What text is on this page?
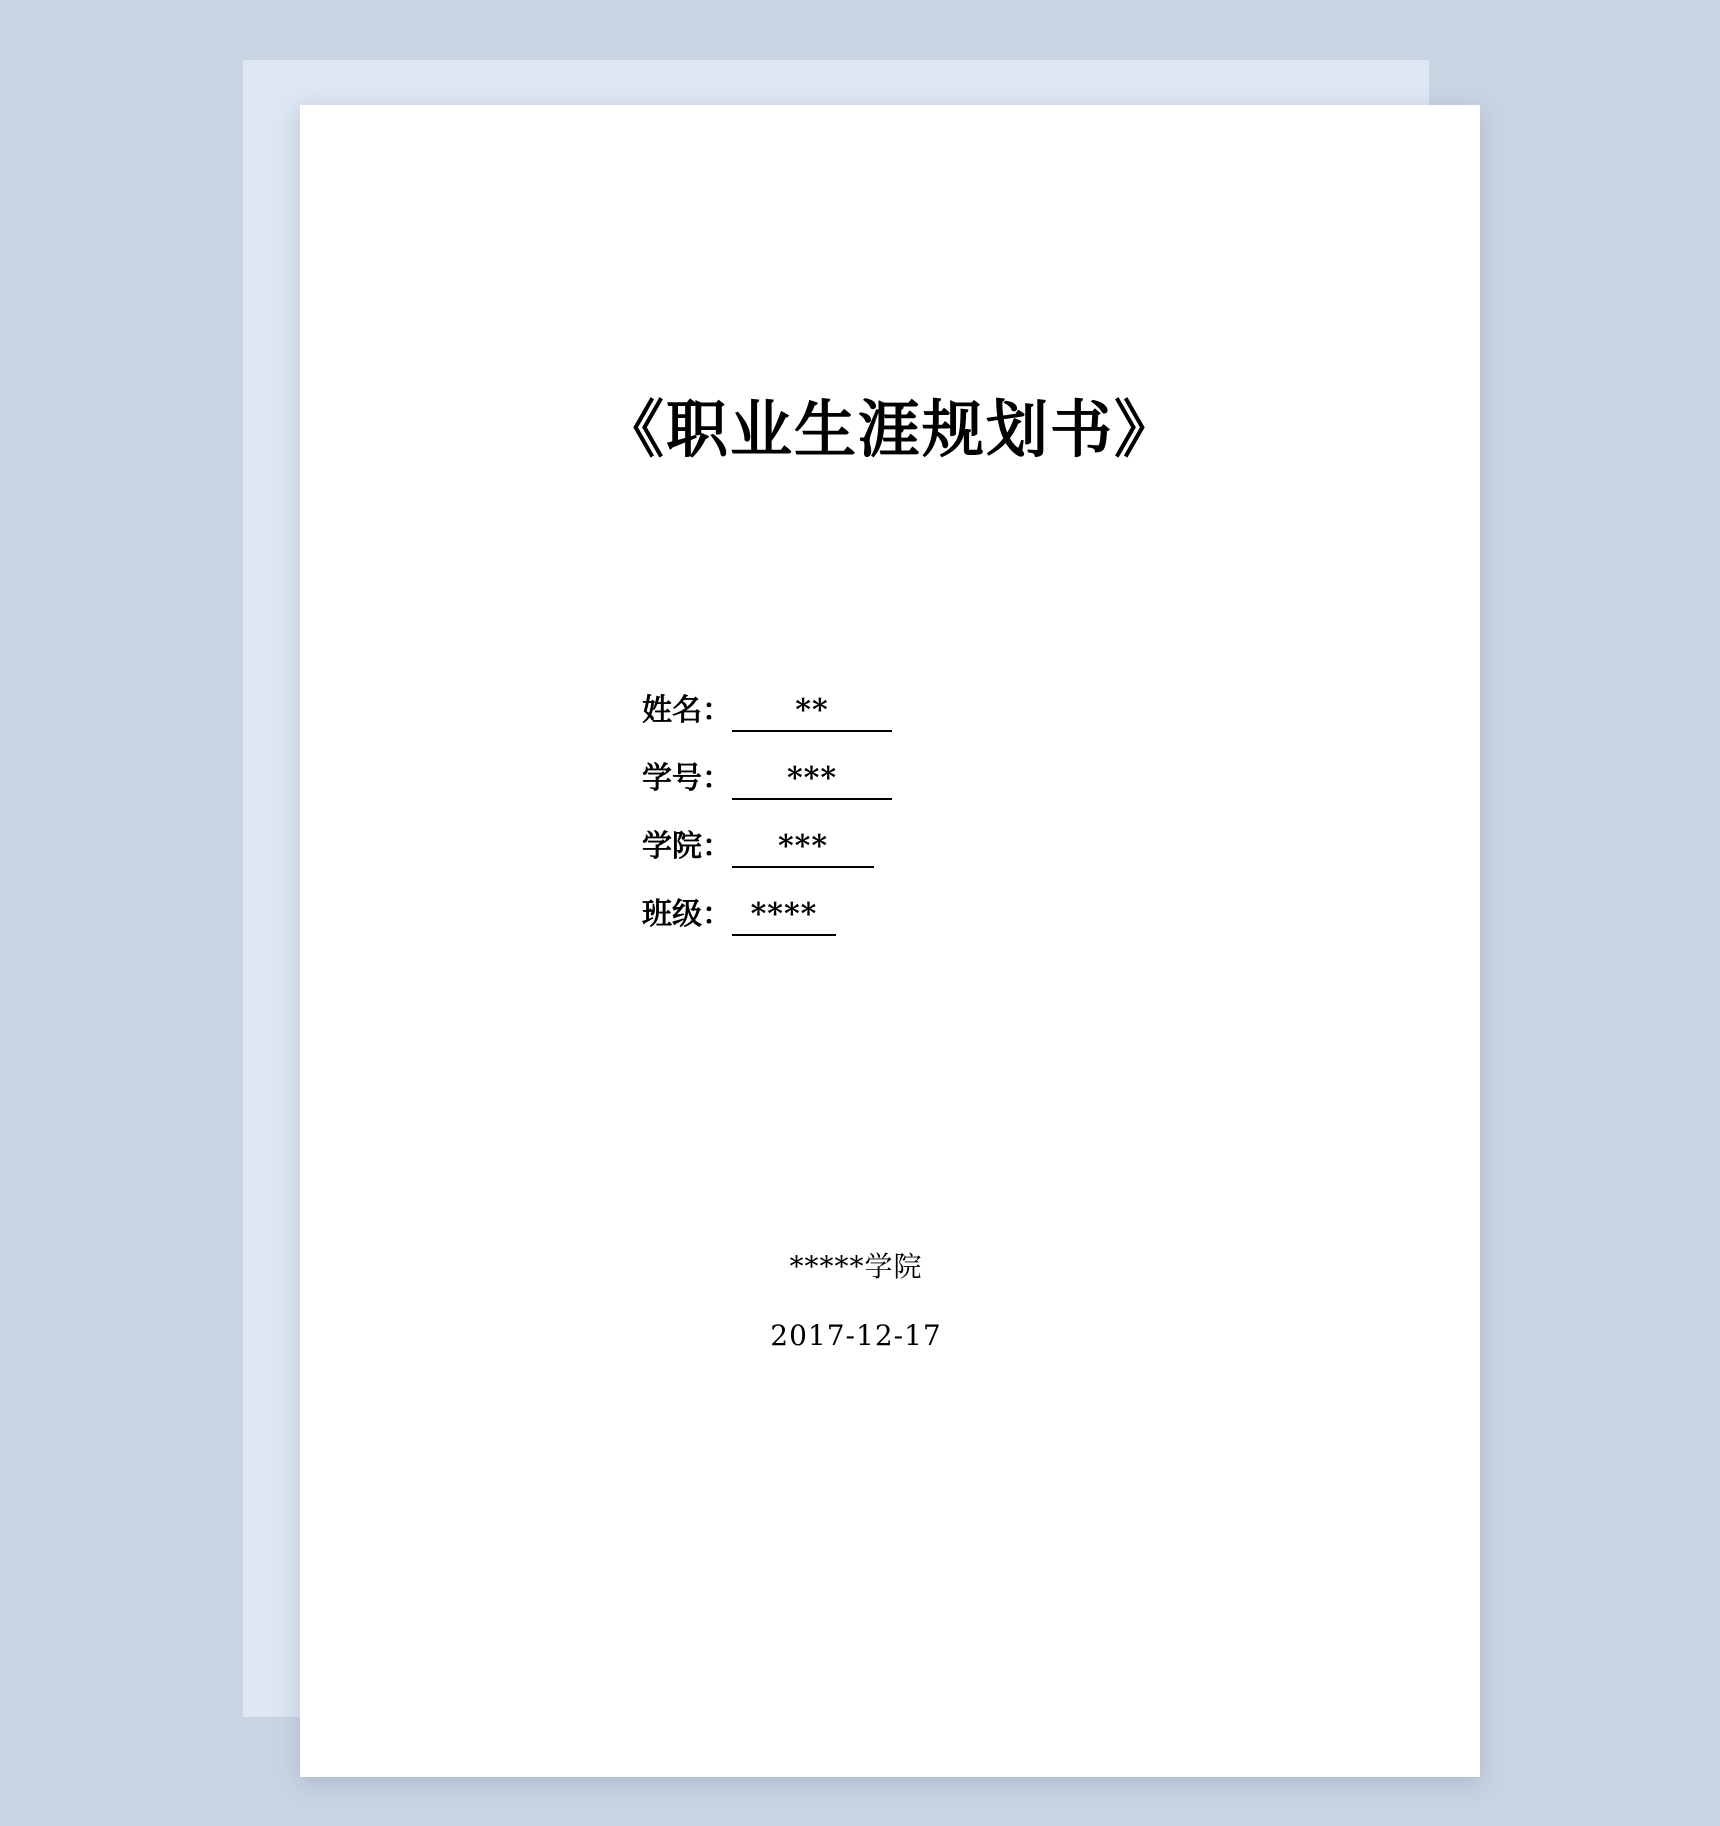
《职业生涯规划书》
姓名：	**
学号：	***
学院：	***
班级： ****
*****学院
2017-12-17
